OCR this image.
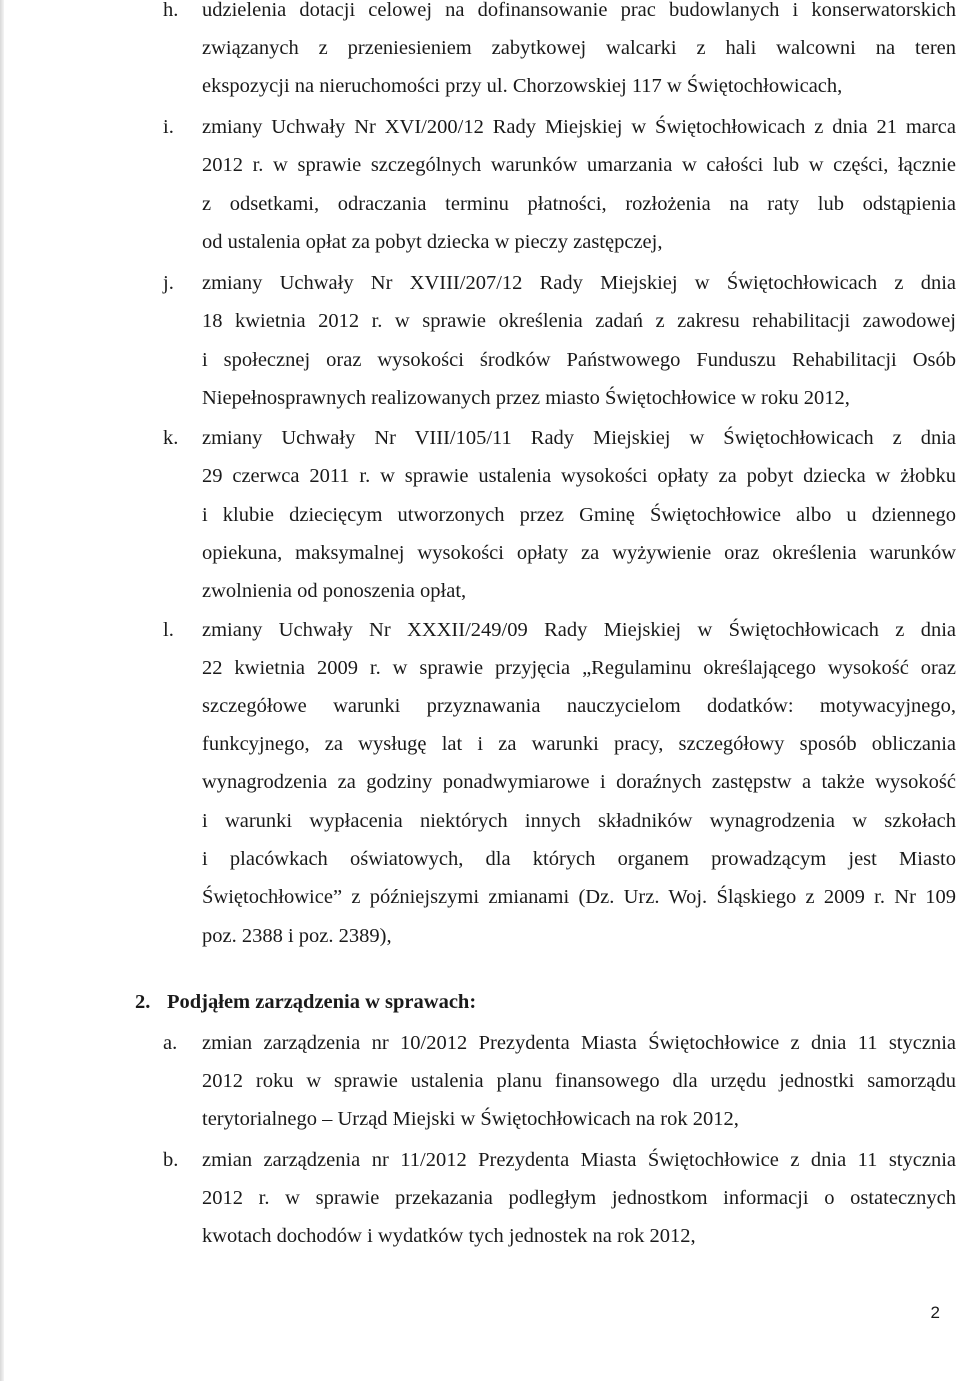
h.	udzielenia dotacji celowej na dofinansowanie prac budowlanych i konserwatorskich
związanych z przeniesieniem zabytkowej walcarki z hali walcowni na teren
ekspozycji na nieruchomości przy ul. Chorzowskiej 117 w Świętochłowicach,
i.	zmiany Uchwały Nr XVI/200/12 Rady Miejskiej w Świętochłowicach z dnia 21 marca
2012 r. w sprawie szczególnych warunków umarzania w całości lub w części, łącznie
z odsetkami, odraczania terminu płatności, rozłożenia na raty lub odstąpienia
od ustalenia opłat za pobyt dziecka w pieczy zastępczej,
j.	zmiany Uchwały Nr XVIII/207/12 Rady Miejskiej w Świętochłowicach z dnia
18 kwietnia 2012 r. w sprawie określenia zadań z zakresu rehabilitacji zawodowej
i społecznej oraz wysokości środków Państwowego Funduszu Rehabilitacji Osób
Niepełnosprawnych realizowanych przez miasto Świętochłowice w roku 2012,
k.	zmiany Uchwały Nr VIII/105/11 Rady Miejskiej w Świętochłowicach z dnia
29 czerwca 2011 r. w sprawie ustalenia wysokości opłaty za pobyt dziecka w żłobku
i klubie dziecięcym utworzonych przez Gminę Świętochłowice albo u dziennego
opiekuna, maksymalnej wysokości opłaty za wyżywienie oraz określenia warunków
zwolnienia od ponoszenia opłat,
l.	zmiany Uchwały Nr XXXII/249/09 Rady Miejskiej w Świętochłowicach z dnia
22 kwietnia 2009 r. w sprawie przyjęcia „Regulaminu określającego wysokość oraz
szczegółowe warunki przyznawania nauczycielom dodatków: motywacyjnego,
funkcyjnego, za wysługę lat i za warunki pracy, szczegółowy sposób obliczania
wynagrodzenia za godziny ponadwymiarowe i doraźnych zastępstw a także wysokość
i warunki wypłacenia niektórych innych składników wynagrodzenia w szkołach
i placówkach oświatowych, dla których organem prowadzącym jest Miasto
Świętochłowice” z późniejszymi zmianami (Dz. Urz. Woj. Śląskiego z 2009 r. Nr 109
poz. 2388 i poz. 2389),
2. Podjąłem zarządzenia w sprawach:
a.	zmian zarządzenia nr 10/2012 Prezydenta Miasta Świętochłowice z dnia 11 stycznia
2012 roku w sprawie ustalenia planu finansowego dla urzędu jednostki samorządu
terytorialnego – Urząd Miejski w Świętochłowicach na rok 2012,
b.	zmian zarządzenia nr 11/2012 Prezydenta Miasta Świętochłowice z dnia 11 stycznia
2012 r. w sprawie przekazania podległym jednostkom informacji o ostatecznych
kwotach dochodów i wydatków tych jednostek na rok 2012,
2
